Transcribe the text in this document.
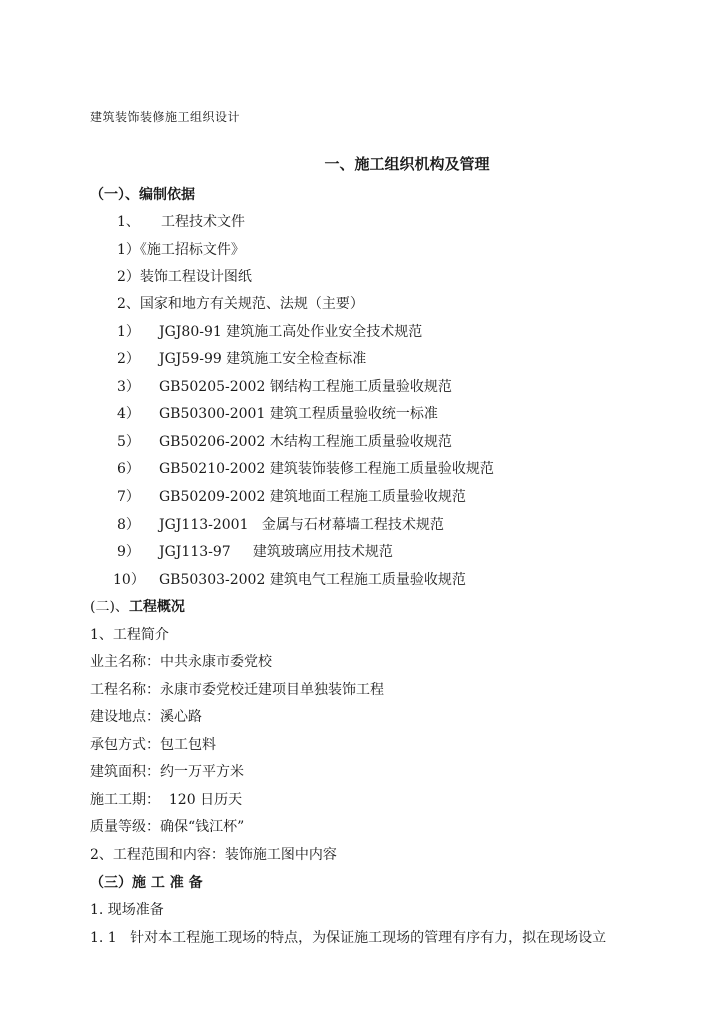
建筑装饰装修施工组织设计
一、施工组织机构及管理
（一）、编制依据
1、 工程技术文件
1）《施工招标文件》
2）装饰工程设计图纸
2、国家和地方有关规范、法规（主要）
1） JGJ80-91 建筑施工高处作业安全技术规范
2） JGJ59-99 建筑施工安全检查标准
3） GB50205-2002 钢结构工程施工质量验收规范
4） GB50300-2001 建筑工程质量验收统一标准
5） GB50206-2002 木结构工程施工质量验收规范
6） GB50210-2002 建筑装饰装修工程施工质量验收规范
7） GB50209-2002 建筑地面工程施工质量验收规范
8） JGJ113-2001   金属与石材幕墙工程技术规范
9） JGJ113-97     建筑玻璃应用技术规范
10） GB50303-2002 建筑电气工程施工质量验收规范
(二)、工程概况
1、工程简介
业主名称：中共永康市委党校
工程名称：永康市委党校迁建项目单独装饰工程
建设地点：溪心路
承包方式：包工包料
建筑面积：约一万平方米
施工工期：  120 日历天
质量等级：确保“钱江杯”
2、工程范围和内容：装饰施工图中内容
（三）施 工 准 备
1. 现场准备
1. 1   针对本工程施工现场的特点，为保证施工现场的管理有序有力，拟在现场设立
